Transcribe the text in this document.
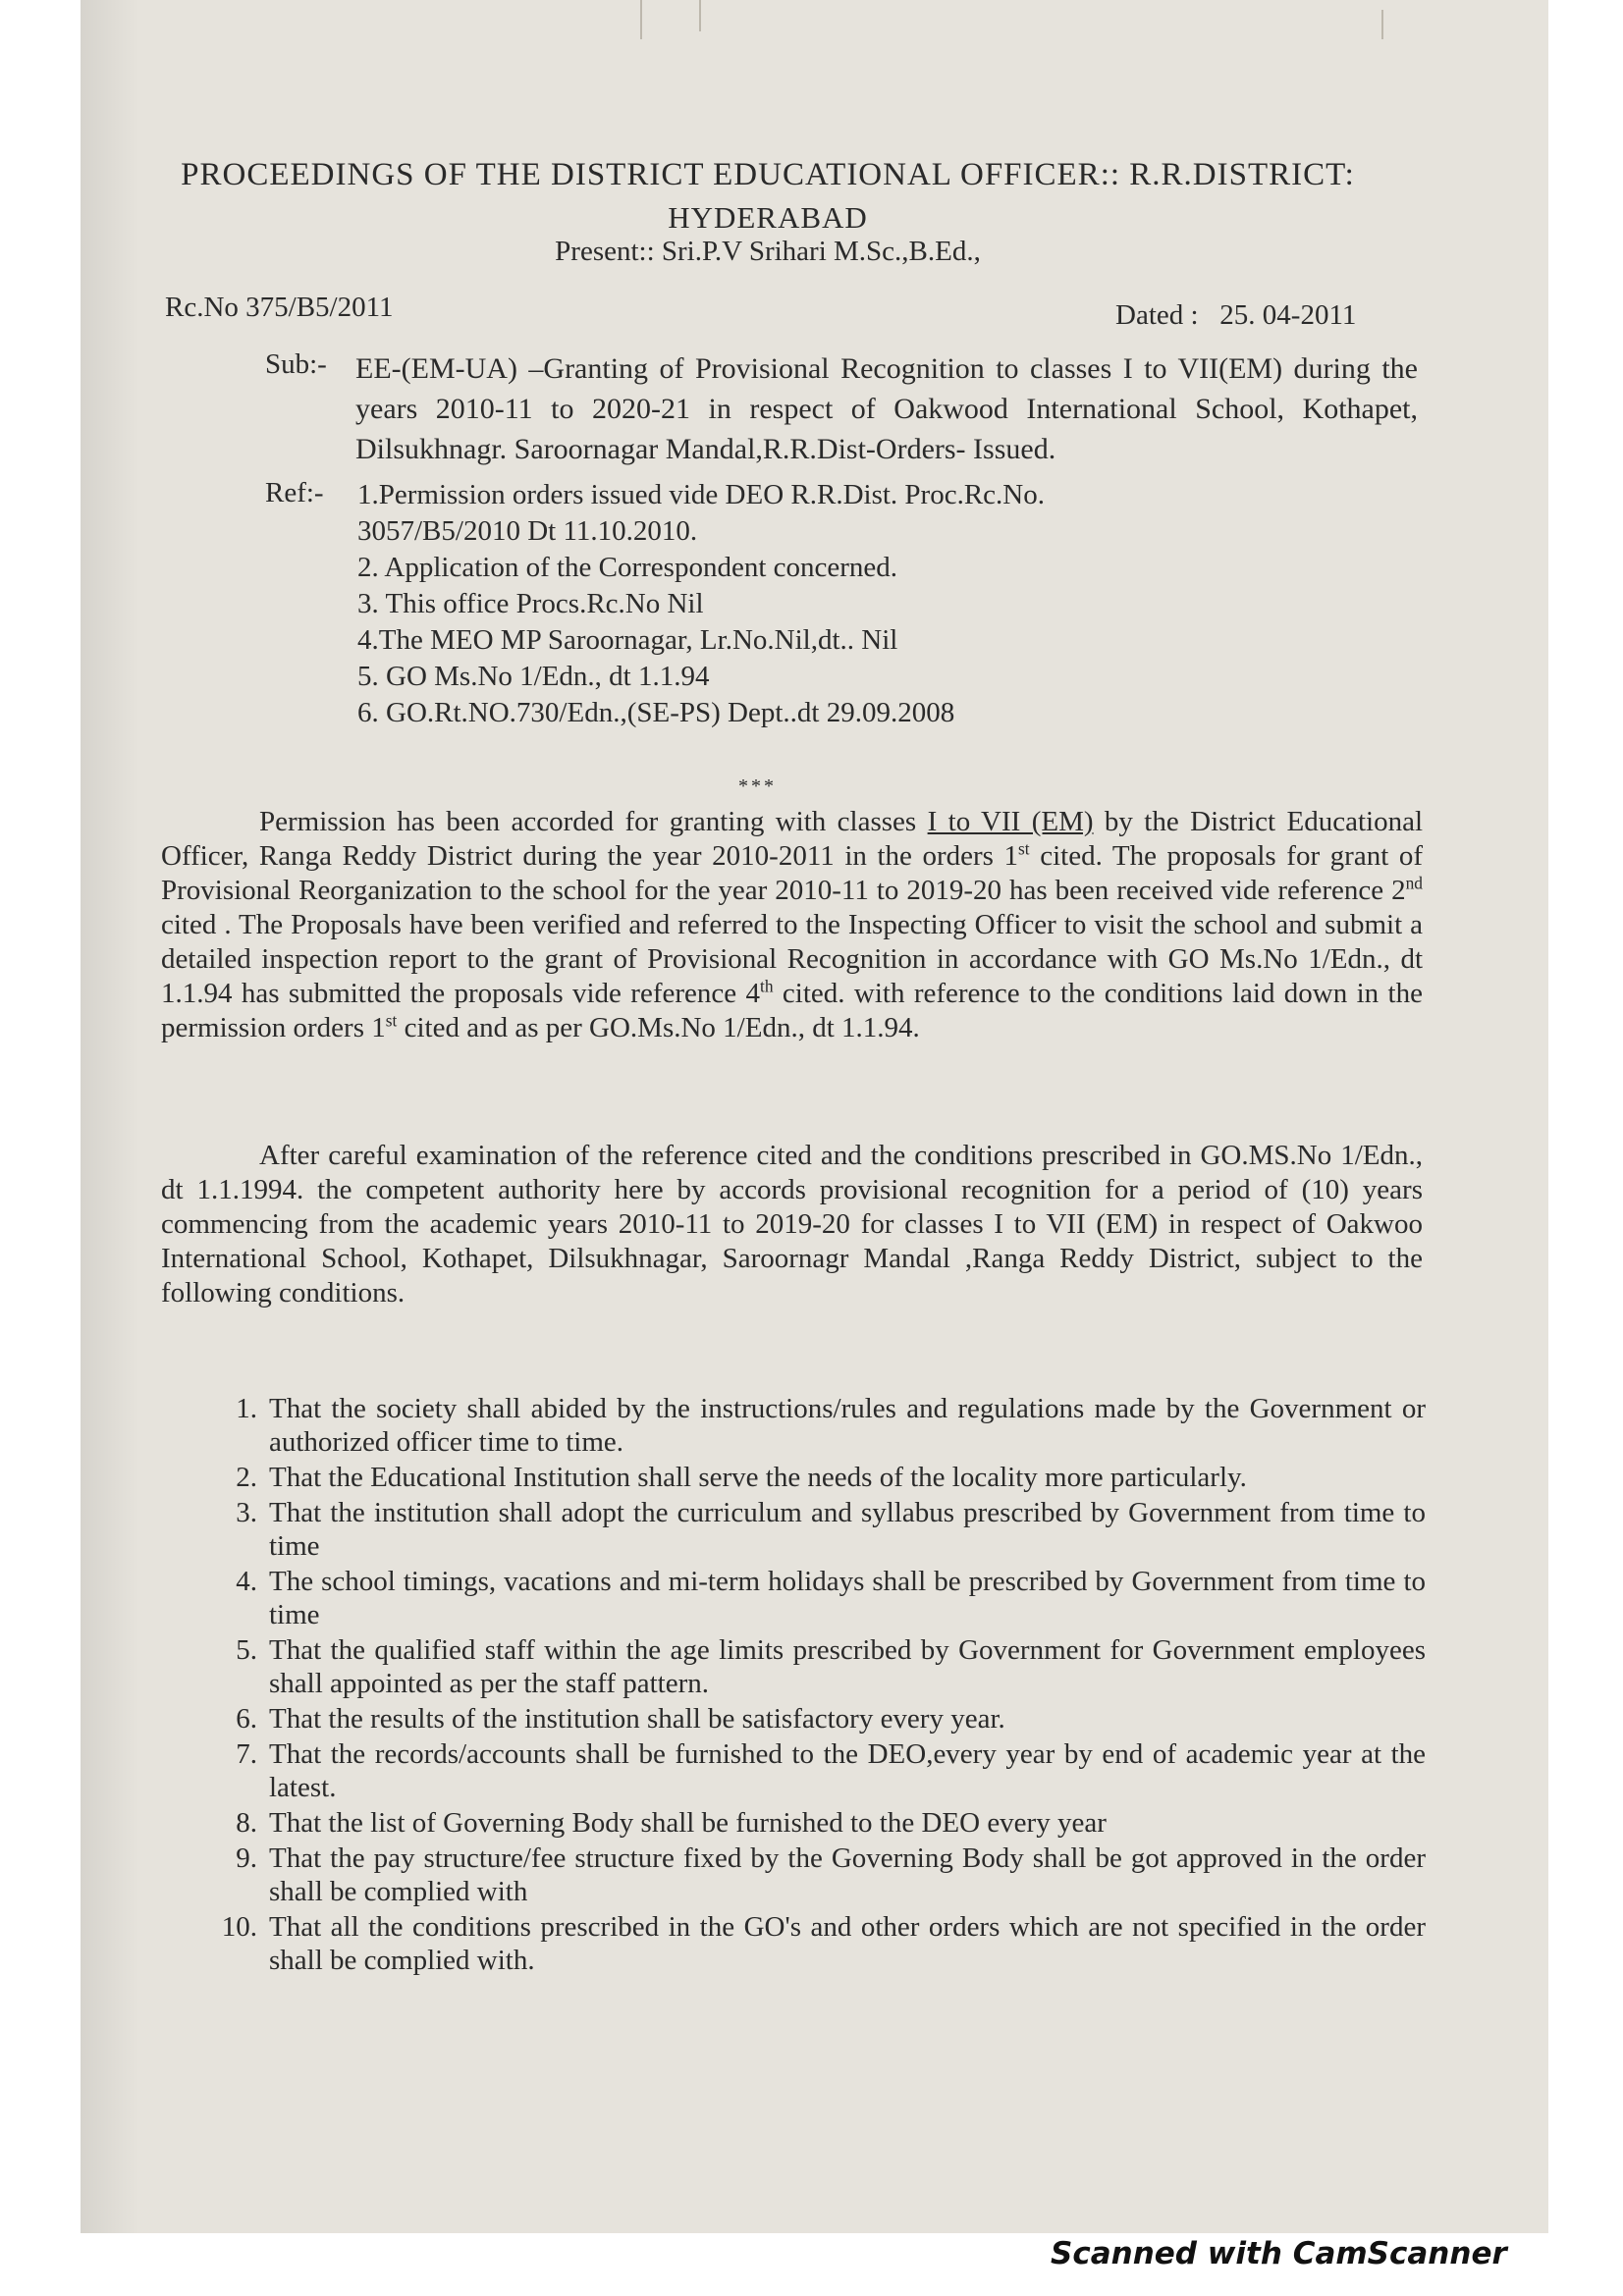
PROCEEDINGS OF THE DISTRICT EDUCATIONAL OFFICER:: R.R.DISTRICT:
HYDERABAD
Present:: Sri.P.V Srihari M.Sc.,B.Ed.,
Rc.No 375/B5/2011	Dated :   25. 04-2011
Sub:- EE-(EM-UA) –Granting of Provisional Recognition to classes I to VII(EM) during the years 2010-11 to 2020-21 in respect of Oakwood International School, Kothapet, Dilsukhnagr. Saroornagar Mandal,R.R.Dist-Orders- Issued.
Ref:- 1.Permission orders issued vide DEO R.R.Dist. Proc.Rc.No.
3057/B5/2010 Dt 11.10.2010.
2. Application of the Correspondent concerned.
3. This office Procs.Rc.No Nil
4.The MEO MP Saroornagar, Lr.No.Nil,dt.. Nil
5. GO Ms.No 1/Edn., dt 1.1.94
6. GO.Rt.NO.730/Edn.,(SE-PS) Dept..dt 29.09.2008
***
Permission has been accorded for granting with classes I to VII (EM) by the District Educational Officer, Ranga Reddy District during the year 2010-2011 in the orders 1st cited. The proposals for grant of Provisional Reorganization to the school for the year 2010-11 to 2019-20 has been received vide reference 2nd cited . The Proposals have been verified and referred to the Inspecting Officer to visit the school and submit a detailed inspection report to the grant of Provisional Recognition in accordance with GO Ms.No 1/Edn., dt 1.1.94 has submitted the proposals vide reference 4th cited. with reference to the conditions laid down in the permission orders 1st cited and as per GO.Ms.No 1/Edn., dt 1.1.94.
After careful examination of the reference cited and the conditions prescribed in GO.MS.No 1/Edn., dt 1.1.1994. the competent authority here by accords provisional recognition for a period of (10) years commencing from the academic years 2010-11 to 2019-20 for classes I to VII (EM) in respect of Oakwoo International School, Kothapet, Dilsukhnagar, Saroornagr Mandal ,Ranga Reddy District, subject to the following conditions.
1. That the society shall abided by the instructions/rules and regulations made by the Government or authorized officer time to time.
2. That the Educational Institution shall serve the needs of the locality more particularly.
3. That the institution shall adopt the curriculum and syllabus prescribed by Government from time to time
4. The school timings, vacations and mi-term holidays shall be prescribed by Government from time to time
5. That the qualified staff within the age limits prescribed by Government for Government employees shall appointed as per the staff pattern.
6. That the results of the institution shall be satisfactory every year.
7. That the records/accounts shall be furnished to the DEO,every year by end of academic year at the latest.
8. That the list of Governing Body shall be furnished to the DEO every year
9. That the pay structure/fee structure fixed by the Governing Body shall be got approved in the order shall be complied with
10. That all the conditions prescribed in the GO's and other orders which are not specified in the order shall be complied with.
Scanned with CamScanner
